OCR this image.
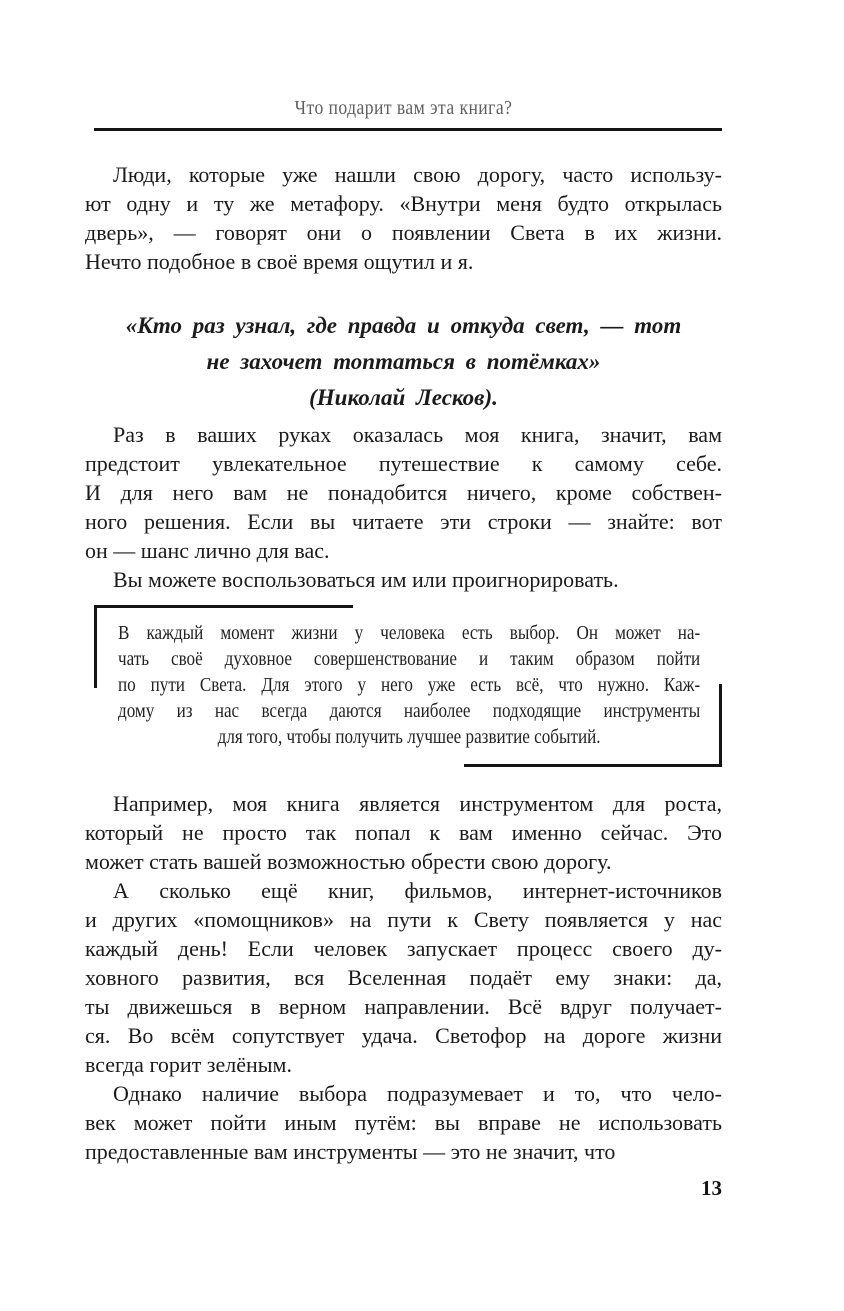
Что подарит вам эта книга?
Люди, которые уже нашли свою дорогу, часто использу-
ют одну и ту же метафору. «Внутри меня будто открылась
дверь», — говорят они о появлении Света в их жизни.
Нечто подобное в своё время ощутил и я.
«Кто раз узнал, где правда и откуда свет, — тот
не захочет топтаться в потёмках»
(Николай Лесков).
Раз в ваших руках оказалась моя книга, значит, вам
предстоит увлекательное путешествие к самому себе.
И для него вам не понадобится ничего, кроме собствен-
ного решения. Если вы читаете эти строки — знайте: вот
он — шанс лично для вас.
Вы можете воспользоваться им или проигнорировать.
В каждый момент жизни у человека есть выбор. Он может на-
чать своё духовное совершенствование и таким образом пойти
по пути Света. Для этого у него уже есть всё, что нужно. Каж-
дому из нас всегда даются наиболее подходящие инструменты
для того, чтобы получить лучшее развитие событий.
Например, моя книга является инструментом для роста,
который не просто так попал к вам именно сейчас. Это
может стать вашей возможностью обрести свою дорогу.
А сколько ещё книг, фильмов, интернет-источников
и других «помощников» на пути к Свету появляется у нас
каждый день! Если человек запускает процесс своего ду-
ховного развития, вся Вселенная подаёт ему знаки: да,
ты движешься в верном направлении. Всё вдруг получает-
ся. Во всём сопутствует удача. Светофор на дороге жизни
всегда горит зелёным.
Однако наличие выбора подразумевает и то, что чело-
век может пойти иным путём: вы вправе не использовать
предоставленные вам инструменты — это не значит, что
13
